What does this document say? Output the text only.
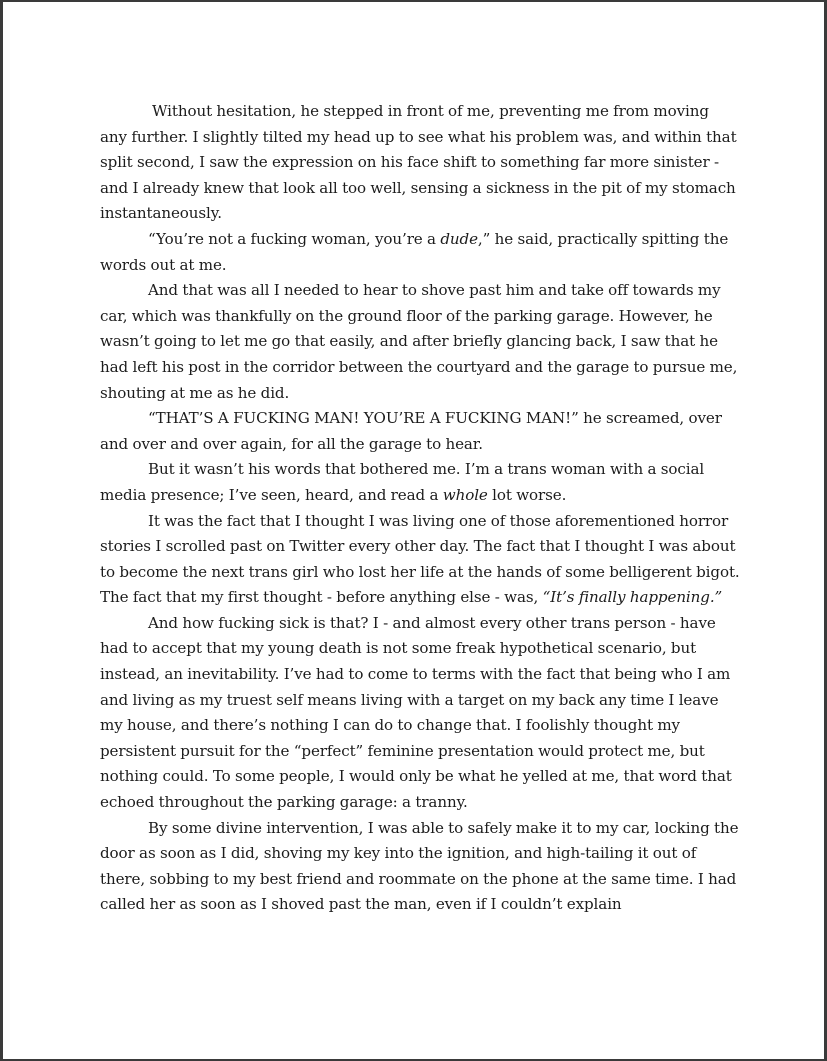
Without hesitation, he stepped in front of me, preventing me from moving any further. I slightly tilted my head up to see what his problem was, and within that split second, I saw the expression on his face shift to something far more sinister - and I already knew that look all too well, sensing a sickness in the pit of my stomach instantaneously.

“You’re not a fucking woman, you’re a dude,” he said, practically spitting the words out at me.

And that was all I needed to hear to shove past him and take off towards my car, which was thankfully on the ground floor of the parking garage. However, he wasn’t going to let me go that easily, and after briefly glancing back, I saw that he had left his post in the corridor between the courtyard and the garage to pursue me, shouting at me as he did.

“THAT’S A FUCKING MAN! YOU’RE A FUCKING MAN!” he screamed, over and over and over again, for all the garage to hear.

But it wasn’t his words that bothered me. I’m a trans woman with a social media presence; I’ve seen, heard, and read a whole lot worse.

It was the fact that I thought I was living one of those aforementioned horror stories I scrolled past on Twitter every other day. The fact that I thought I was about to become the next trans girl who lost her life at the hands of some belligerent bigot. The fact that my first thought - before anything else - was, “It’s finally happening.”

And how fucking sick is that? I - and almost every other trans person - have had to accept that my young death is not some freak hypothetical scenario, but instead, an inevitability. I’ve had to come to terms with the fact that being who I am and living as my truest self means living with a target on my back any time I leave my house, and there’s nothing I can do to change that. I foolishly thought my persistent pursuit for the “perfect” feminine presentation would protect me, but nothing could. To some people, I would only be what he yelled at me, that word that echoed throughout the parking garage: a tranny.

By some divine intervention, I was able to safely make it to my car, locking the door as soon as I did, shoving my key into the ignition, and high-tailing it out of there, sobbing to my best friend and roommate on the phone at the same time. I had called her as soon as I shoved past the man, even if I couldn’t explain
